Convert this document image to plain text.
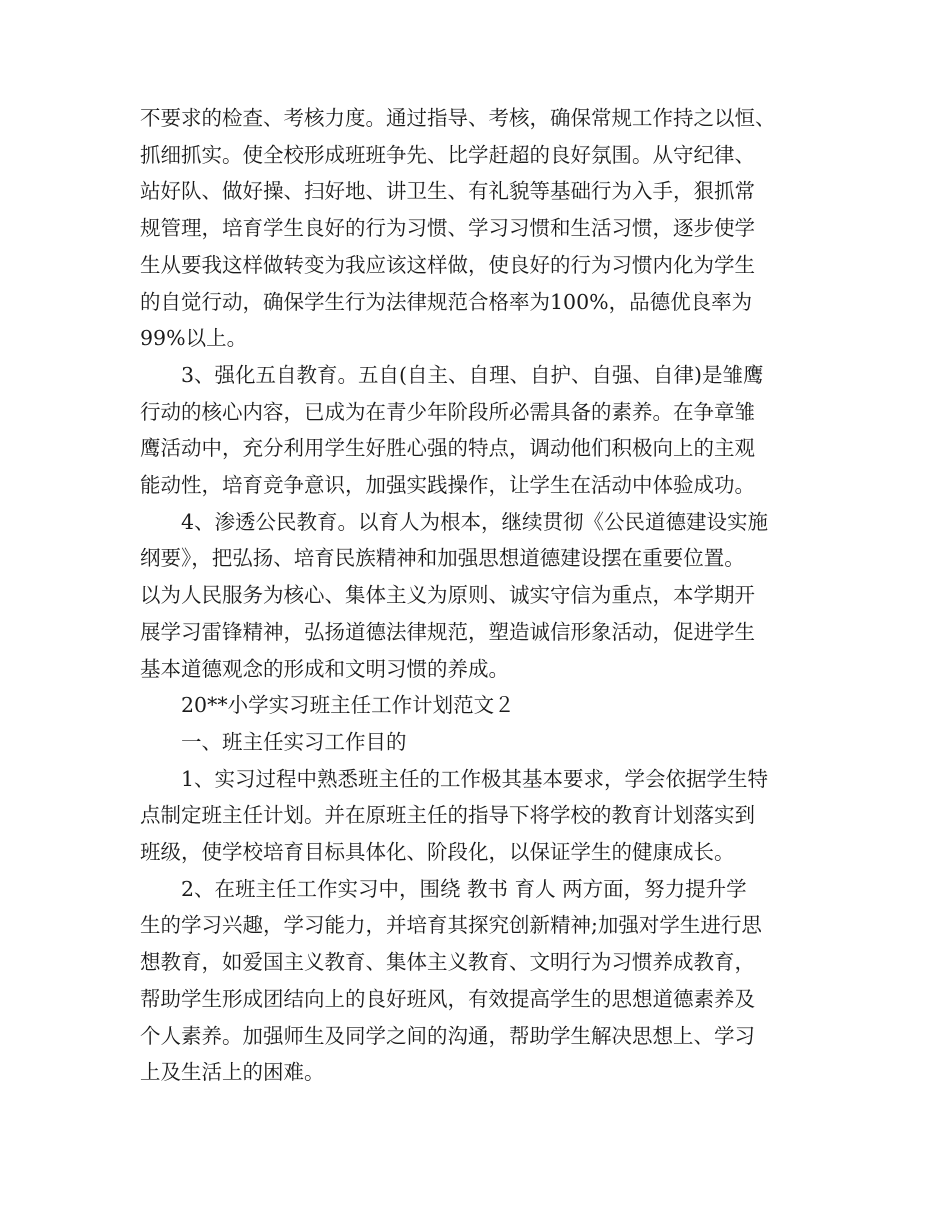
不要求的检查、考核力度。通过指导、考核，确保常规工作持之以恒、
抓细抓实。使全校形成班班争先、比学赶超的良好氛围。从守纪律、
站好队、做好操、扫好地、讲卫生、有礼貌等基础行为入手，狠抓常
规管理，培育学生良好的行为习惯、学习习惯和生活习惯，逐步使学
生从要我这样做转变为我应该这样做，使良好的行为习惯内化为学生
的自觉行动，确保学生行为法律规范合格率为100%，品德优良率为
99%以上。

3、强化五自教育。五自(自主、自理、自护、自强、自律)是雏鹰
行动的核心内容，已成为在青少年阶段所必需具备的素养。在争章雏
鹰活动中，充分利用学生好胜心强的特点，调动他们积极向上的主观
能动性，培育竞争意识，加强实践操作，让学生在活动中体验成功。

4、渗透公民教育。以育人为根本，继续贯彻《公民道德建设实施
纲要》，把弘扬、培育民族精神和加强思想道德建设摆在重要位置。
以为人民服务为核心、集体主义为原则、诚实守信为重点，本学期开
展学习雷锋精神，弘扬道德法律规范，塑造诚信形象活动，促进学生
基本道德观念的形成和文明习惯的养成。

20**小学实习班主任工作计划范文２

一、班主任实习工作目的

1、实习过程中熟悉班主任的工作极其基本要求，学会依据学生特
点制定班主任计划。并在原班主任的指导下将学校的教育计划落实到
班级，使学校培育目标具体化、阶段化，以保证学生的健康成长。

2、在班主任工作实习中，围绕 教书 育人 两方面，努力提升学
生的学习兴趣，学习能力，并培育其探究创新精神;加强对学生进行思
想教育，如爱国主义教育、集体主义教育、文明行为习惯养成教育，
帮助学生形成团结向上的良好班风，有效提高学生的思想道德素养及
个人素养。加强师生及同学之间的沟通，帮助学生解决思想上、学习
上及生活上的困难。
